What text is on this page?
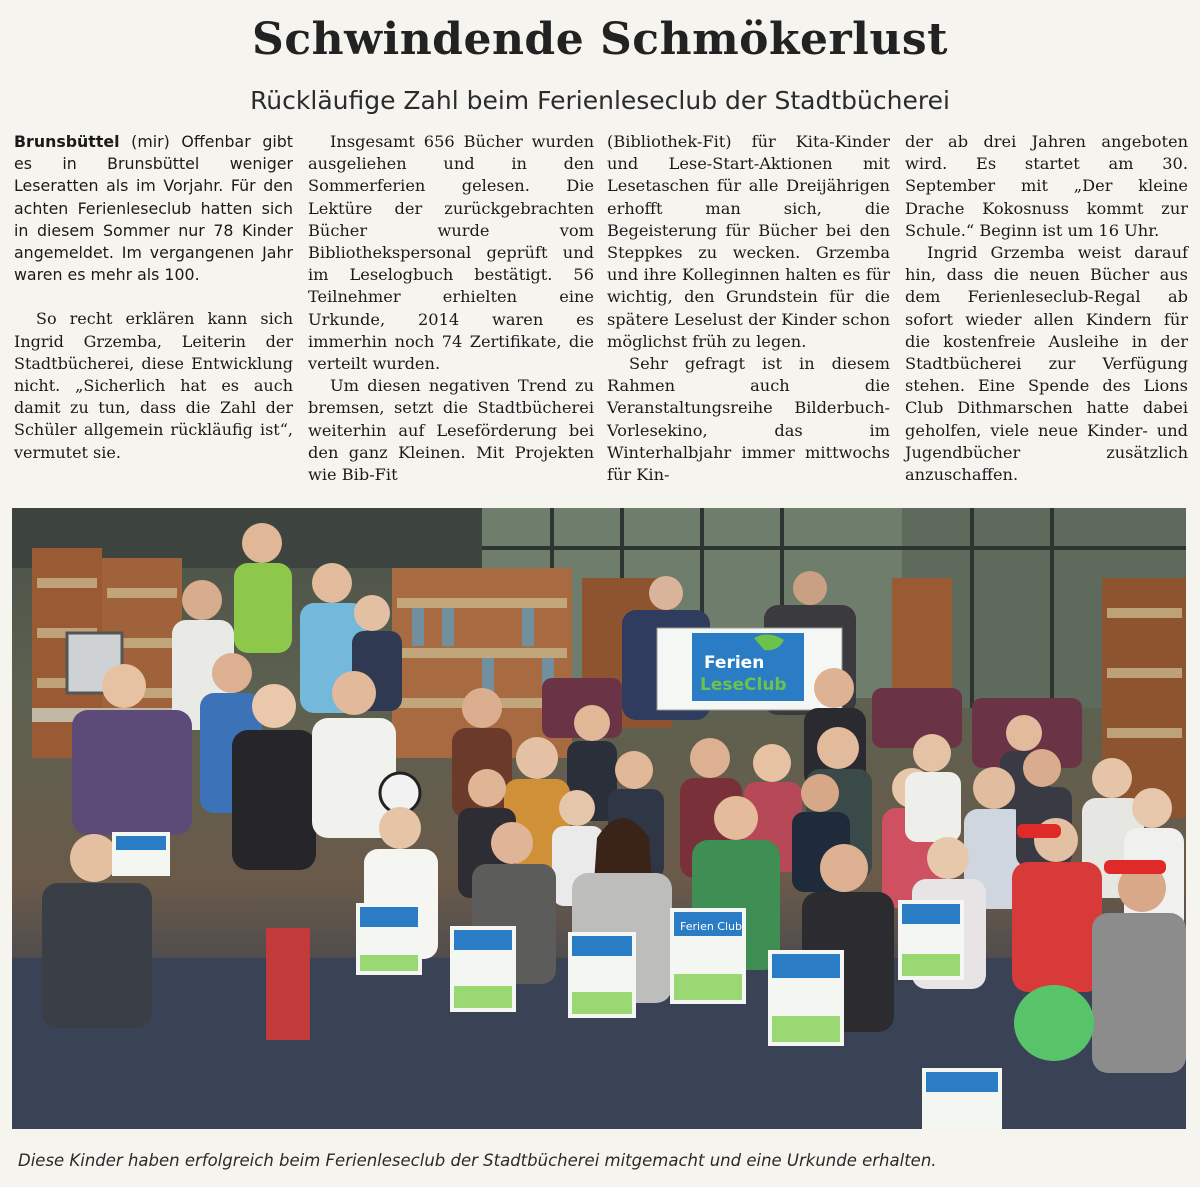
Schwindende Schmökerlust
Rückläufige Zahl beim Ferienleseclub der Stadtbücherei

Brunsbüttel (mir) Offenbar gibt es in Brunsbüttel weniger Leseratten als im Vorjahr. Für den achten Ferienleseclub hatten sich in diesem Sommer nur 78 Kinder angemeldet. Im vergangenen Jahr waren es mehr als 100.

So recht erklären kann sich Ingrid Grzemba, Leiterin der Stadtbücherei, diese Entwicklung nicht. „Sicherlich hat es auch damit zu tun, dass die Zahl der Schüler allgemein rückläufig ist“, vermutet sie.

Insgesamt 656 Bücher wurden ausgeliehen und in den Sommerferien gelesen. Die Lektüre der zurückgebrachten Bücher wurde vom Bibliothekspersonal geprüft und im Leselogbuch bestätigt. 56 Teilnehmer erhielten eine Urkunde, 2014 waren es immerhin noch 74 Zertifikate, die verteilt wurden.

Um diesen negativen Trend zu bremsen, setzt die Stadtbücherei weiterhin auf Leseförderung bei den ganz Kleinen. Mit Projekten wie Bib-Fit

(Bibliothek-Fit) für Kita-Kinder und Lese-Start-Aktionen mit Lesetaschen für alle Dreijährigen erhofft man sich, die Begeisterung für Bücher bei den Steppkes zu wecken. Grzemba und ihre Kolleginnen halten es für wichtig, den Grundstein für die spätere Leselust der Kinder schon möglichst früh zu legen.

Sehr gefragt ist in diesem Rahmen auch die Veranstaltungsreihe Bilderbuch-Vorlesekino, das im Winterhalbjahr immer mittwochs für Kin-

der ab drei Jahren angeboten wird. Es startet am 30. September mit „Der kleine Drache Kokosnuss kommt zur Schule.“ Beginn ist um 16 Uhr.

Ingrid Grzemba weist darauf hin, dass die neuen Bücher aus dem Ferienleseclub-Regal ab sofort wieder allen Kindern für die kostenfreie Ausleihe in der Stadtbücherei zur Verfügung stehen. Eine Spende des Lions Club Dithmarschen hatte dabei geholfen, viele neue Kinder- und Jugendbücher zusätzlich anzuschaffen.

Ferien
LeseClub
Ferien Club
Diese Kinder haben erfolgreich beim Ferienleseclub der Stadtbücherei mitgemacht und eine Urkunde erhalten.
